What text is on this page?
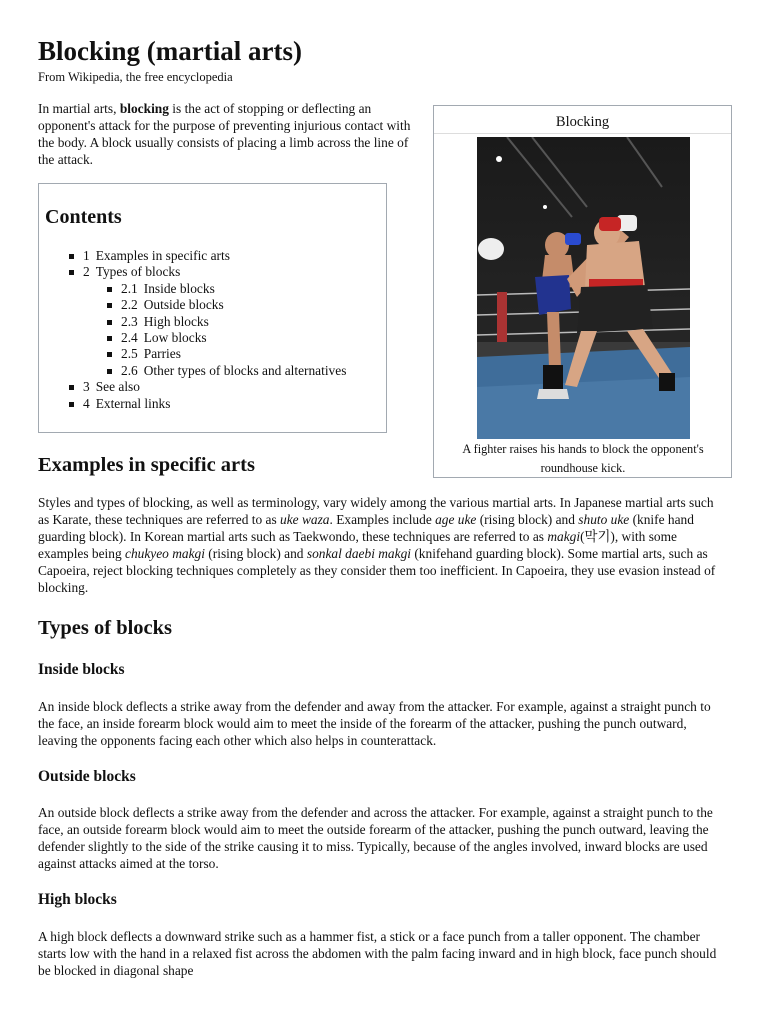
Blocking (martial arts)
From Wikipedia, the free encyclopedia

In martial arts, blocking is the act of stopping or deflecting an opponent's attack for the purpose of preventing injurious contact with the body. A block usually consists of placing a limb across the line of the attack.

Contents
1 Examples in specific arts
2 Types of blocks
2.1 Inside blocks
2.2 Outside blocks
2.3 High blocks
2.4 Low blocks
2.5 Parries
2.6 Other types of blocks and alternatives
3 See also
4 External links
Blocking
A fighter raises his hands to block the opponent's roundhouse kick.
Examples in specific arts

Styles and types of blocking, as well as terminology, vary widely among the various martial arts. In Japanese martial arts such as Karate, these techniques are referred to as uke waza. Examples include age uke (rising block) and shuto uke (knife hand guarding block). In Korean martial arts such as Taekwondo, these techniques are referred to as makgi(막기), with some examples being chukyeo makgi (rising block) and sonkal daebi makgi (knifehand guarding block). Some martial arts, such as Capoeira, reject blocking techniques completely as they consider them too inefficient. In Capoeira, they use evasion instead of blocking.

Types of blocks
Inside blocks

An inside block deflects a strike away from the defender and away from the attacker. For example, against a straight punch to the face, an inside forearm block would aim to meet the inside of the forearm of the attacker, pushing the punch outward, leaving the opponents facing each other which also helps in counterattack.

Outside blocks

An outside block deflects a strike away from the defender and across the attacker. For example, against a straight punch to the face, an outside forearm block would aim to meet the outside forearm of the attacker, pushing the punch outward, leaving the defender slightly to the side of the strike causing it to miss. Typically, because of the angles involved, inward blocks are used against attacks aimed at the torso.

High blocks

A high block deflects a downward strike such as a hammer fist, a stick or a face punch from a taller opponent. The chamber starts low with the hand in a relaxed fist across the abdomen with the palm facing inward and in high block, face punch should be blocked in diagonal shape
